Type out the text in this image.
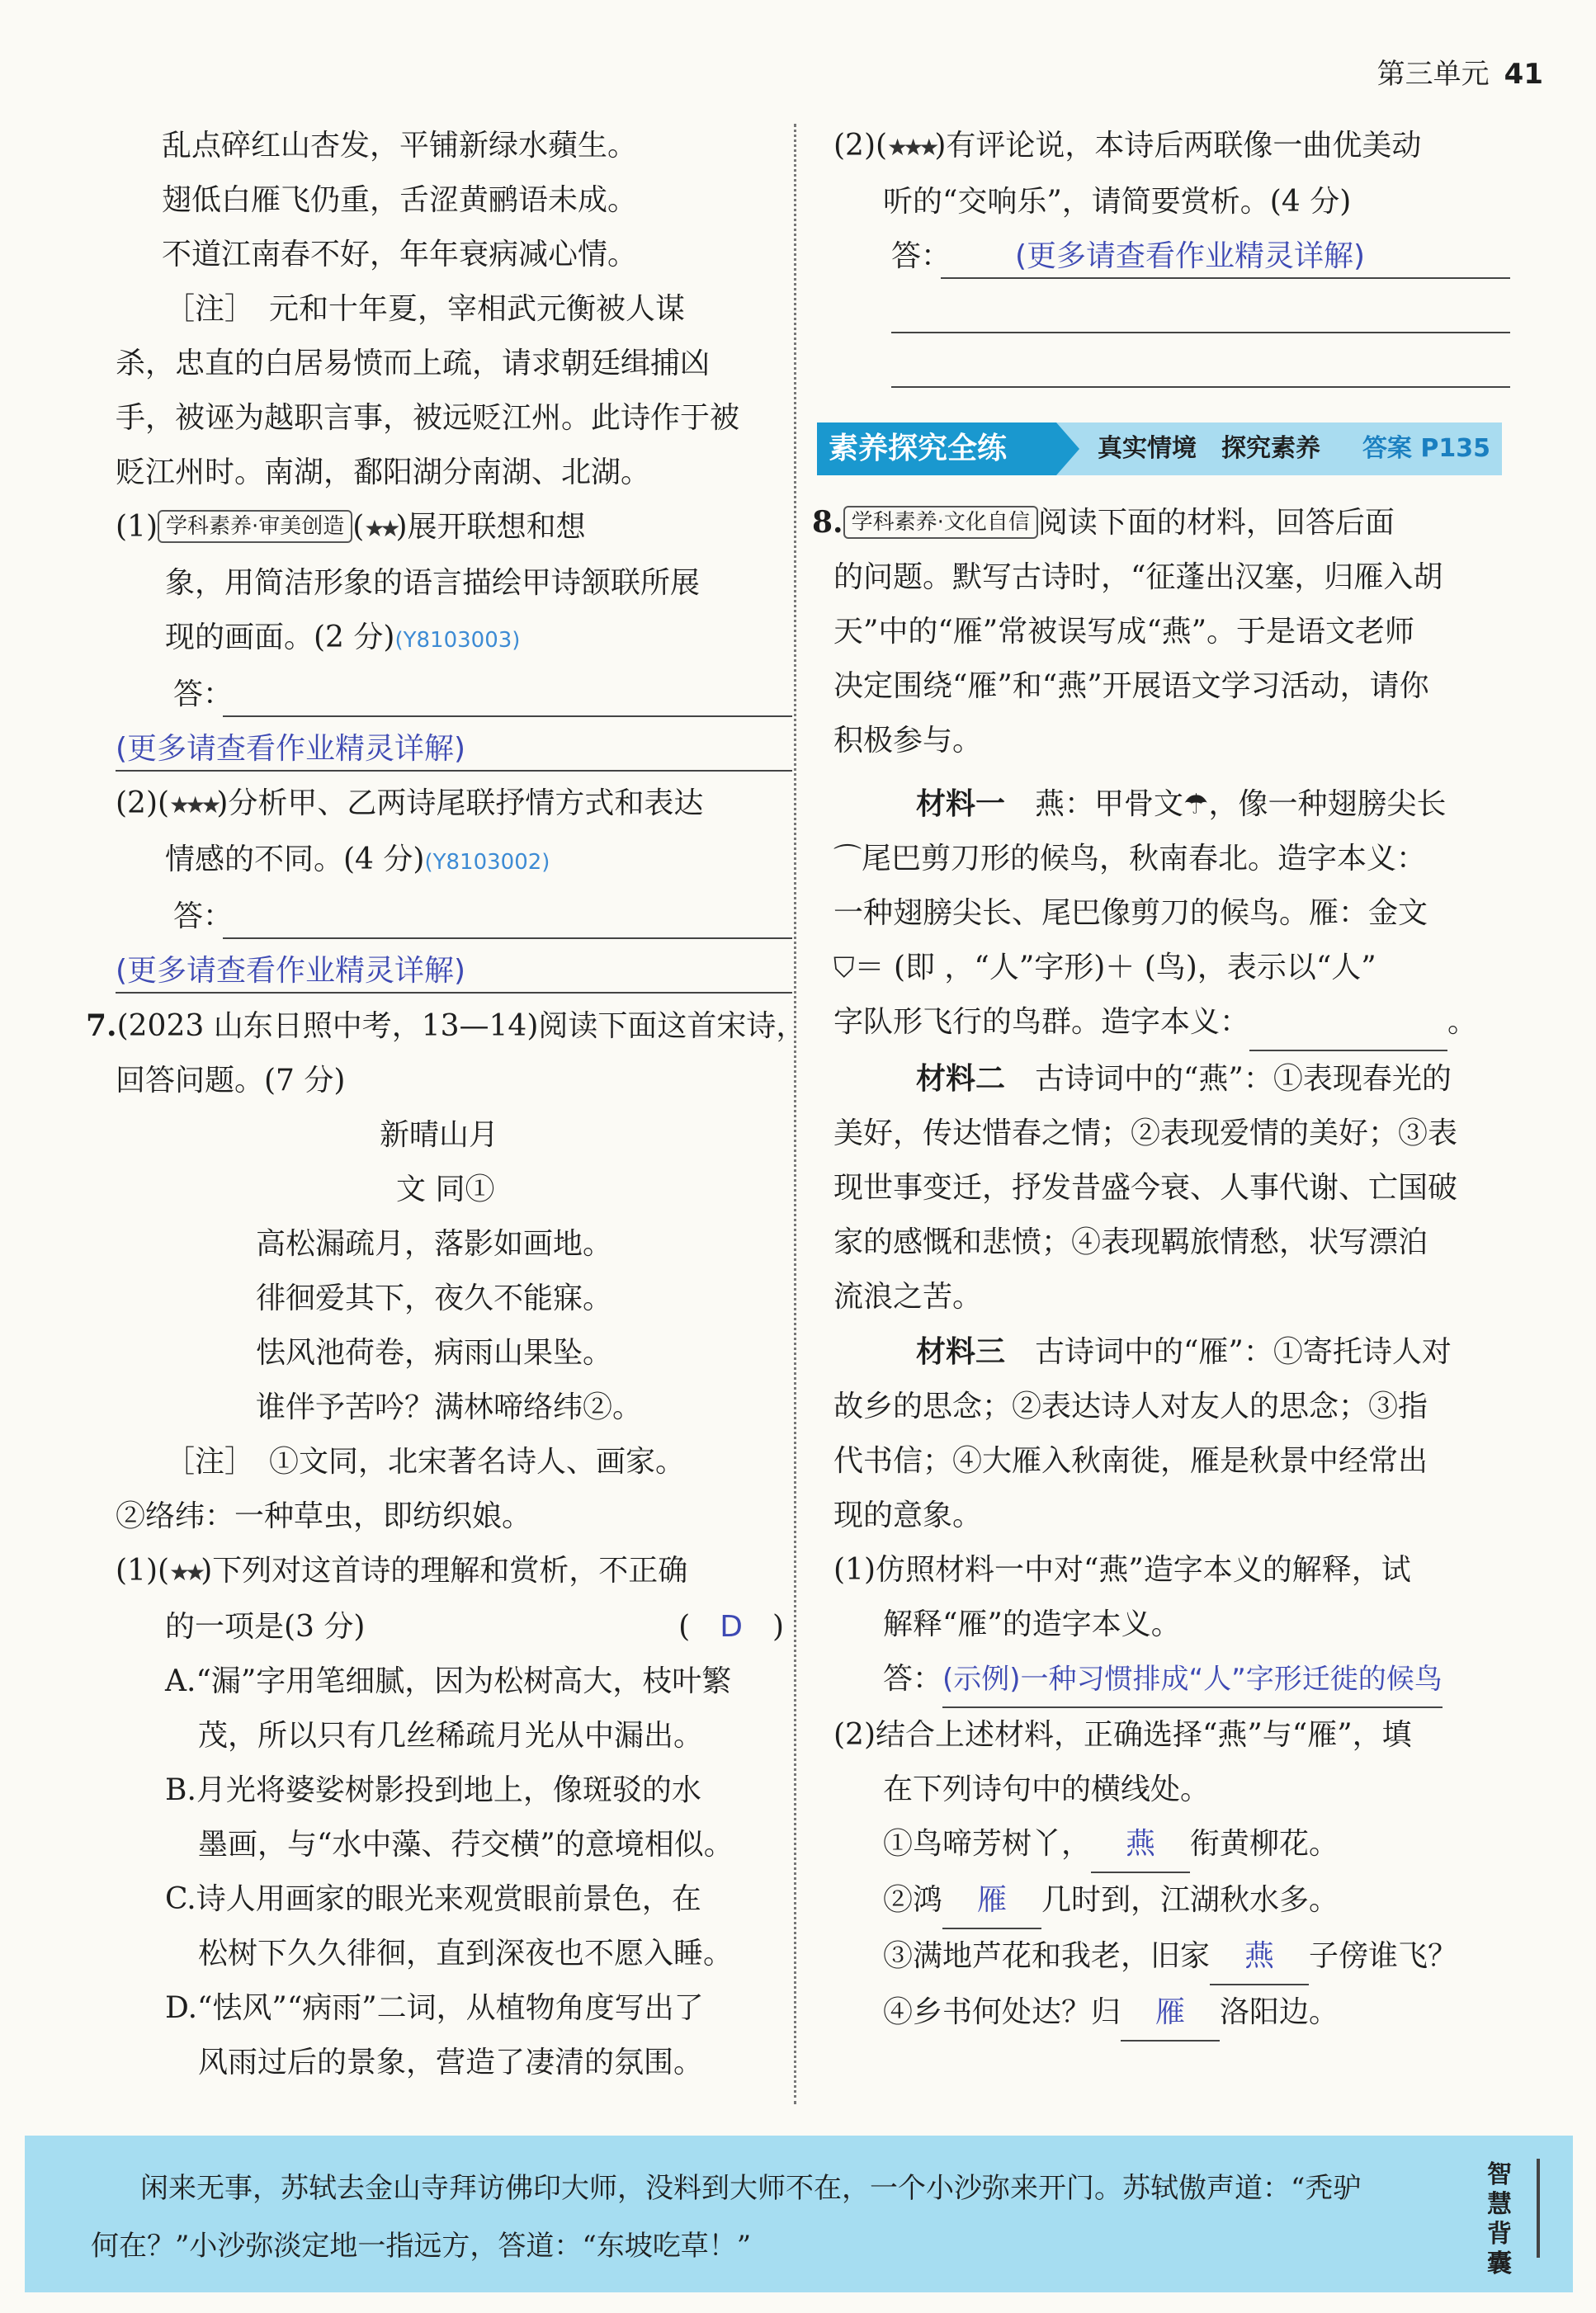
第三单元 41

乱点碎红山杏发，平铺新绿水蘋生。

翅低白雁飞仍重，舌涩黄鹂语未成。

不道江南春不好，年年衰病减心情。

［注］　元和十年夏，宰相武元衡被人谋

杀，忠直的白居易愤而上疏，请求朝廷缉捕凶

手，被诬为越职言事，被远贬江州。此诗作于被

贬江州时。南湖，鄱阳湖分南湖、北湖。

(1) 学科素养·审美创造 (★★)展开联想和想

象，用简洁形象的语言描绘甲诗颔联所展

现的画面。(2 分)(Y8103003)

答：
(更多请查看作业精灵详解)

(2)(★★★)分析甲、乙两诗尾联抒情方式和表达

情感的不同。(4 分)(Y8103002)

答：
(更多请查看作业精灵详解)

7.(2023 山东日照中考，13—14)阅读下面这首宋诗，

回答问题。(7 分)

新晴山月

文 同①

高松漏疏月，落影如画地。

徘徊爱其下，夜久不能寐。

怯风池荷卷，病雨山果坠。

谁伴予苦吟？满林啼络纬②。

［注］　①文同，北宋著名诗人、画家。

②络纬：一种草虫，即纺织娘。

(1)(★★)下列对这首诗的理解和赏析，不正确

的一项是(3 分)	(　D　)

A.“漏”字用笔细腻，因为松树高大，枝叶繁

茂，所以只有几丝稀疏月光从中漏出。

B.月光将婆娑树影投到地上，像斑驳的水

墨画，与“水中藻、荇交横”的意境相似。

C.诗人用画家的眼光来观赏眼前景色，在

松树下久久徘徊，直到深夜也不愿入睡。

D.“怯风”“病雨”二词，从植物角度写出了

风雨过后的景象，营造了凄清的氛围。

(2)(★★★)有评论说，本诗后两联像一曲优美动

听的“交响乐”，请简要赏析。(4 分)

答： (更多请查看作业精灵详解)
素养探究全练	真实情境　探究素养 答案 P135

8. 学科素养·文化自信 阅读下面的材料，回答后面

的问题。默写古诗时，“征蓬出汉塞，归雁入胡

天”中的“雁”常被误写成“燕”。于是语文老师

决定围绕“雁”和“燕”开展语文学习活动，请你

积极参与。

材料一　 燕：甲骨文☂，像一种翅膀尖长

⌒尾巴剪刀形的候鸟，秋南春北。造字本义：

一种翅膀尖长、尾巴像剪刀的候鸟。雁：金文

⛉＝ (即 ，“人”字形)＋ (鸟)，表示以“人”

字队形飞行的鸟群。造字本义：	。

材料二　 古诗词中的“燕”：①表现春光的

美好，传达惜春之情；②表现爱情的美好；③表

现世事变迁，抒发昔盛今衰、人事代谢、亡国破

家的感慨和悲愤；④表现羁旅情愁，状写漂泊

流浪之苦。

材料三　 古诗词中的“雁”：①寄托诗人对

故乡的思念；②表达诗人对友人的思念；③指

代书信；④大雁入秋南徙，雁是秋景中经常出

现的意象。

(1)仿照材料一中对“燕”造字本义的解释，试

解释“雁”的造字本义。

答：(示例)一种习惯排成“人”字形迁徙的候鸟

(2)结合上述材料，正确选择“燕”与“雁”，填

在下列诗句中的横线处。

①鸟啼芳树丫， 燕 衔黄柳花。

②鸿 雁 几时到，江湖秋水多。

③满地芦花和我老，旧家 燕 子傍谁飞？

④乡书何处达？归 雁 洛阳边。

闲来无事，苏轼去金山寺拜访佛印大师，没料到大师不在，一个小沙弥来开门。苏轼傲声道：“秃驴

何在？”小沙弥淡定地一指远方，答道：“东坡吃草！”

智慧背囊
